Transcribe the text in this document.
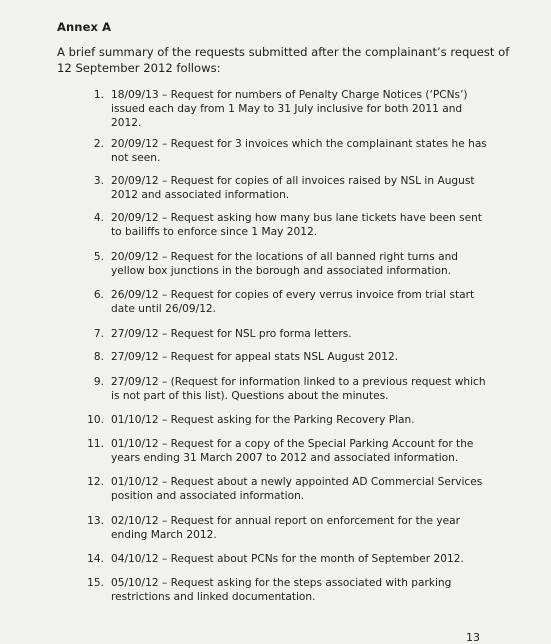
Annex A
A brief summary of the requests submitted after the complainant’s request of
12 September 2012 follows:
1. 18/09/13 – Request for numbers of Penalty Charge Notices (‘PCNs’)
issued each day from 1 May to 31 July inclusive for both 2011 and
2012.
2. 20/09/12 – Request for 3 invoices which the complainant states he has
not seen.
3. 20/09/12 – Request for copies of all invoices raised by NSL in August
2012 and associated information.
4. 20/09/12 – Request asking how many bus lane tickets have been sent
to bailiffs to enforce since 1 May 2012.
5. 20/09/12 – Request for the locations of all banned right turns and
yellow box junctions in the borough and associated information.
6. 26/09/12 – Request for copies of every verrus invoice from trial start
date until 26/09/12.
7. 27/09/12 – Request for NSL pro forma letters.
8. 27/09/12 – Request for appeal stats NSL August 2012.
9. 27/09/12 – (Request for information linked to a previous request which
is not part of this list). Questions about the minutes.
10. 01/10/12 – Request asking for the Parking Recovery Plan.
11. 01/10/12 – Request for a copy of the Special Parking Account for the
years ending 31 March 2007 to 2012 and associated information.
12. 01/10/12 – Request about a newly appointed AD Commercial Services
position and associated information.
13. 02/10/12 – Request for annual report on enforcement for the year
ending March 2012.
14. 04/10/12 – Request about PCNs for the month of September 2012.
15. 05/10/12 – Request asking for the steps associated with parking
restrictions and linked documentation.
13
